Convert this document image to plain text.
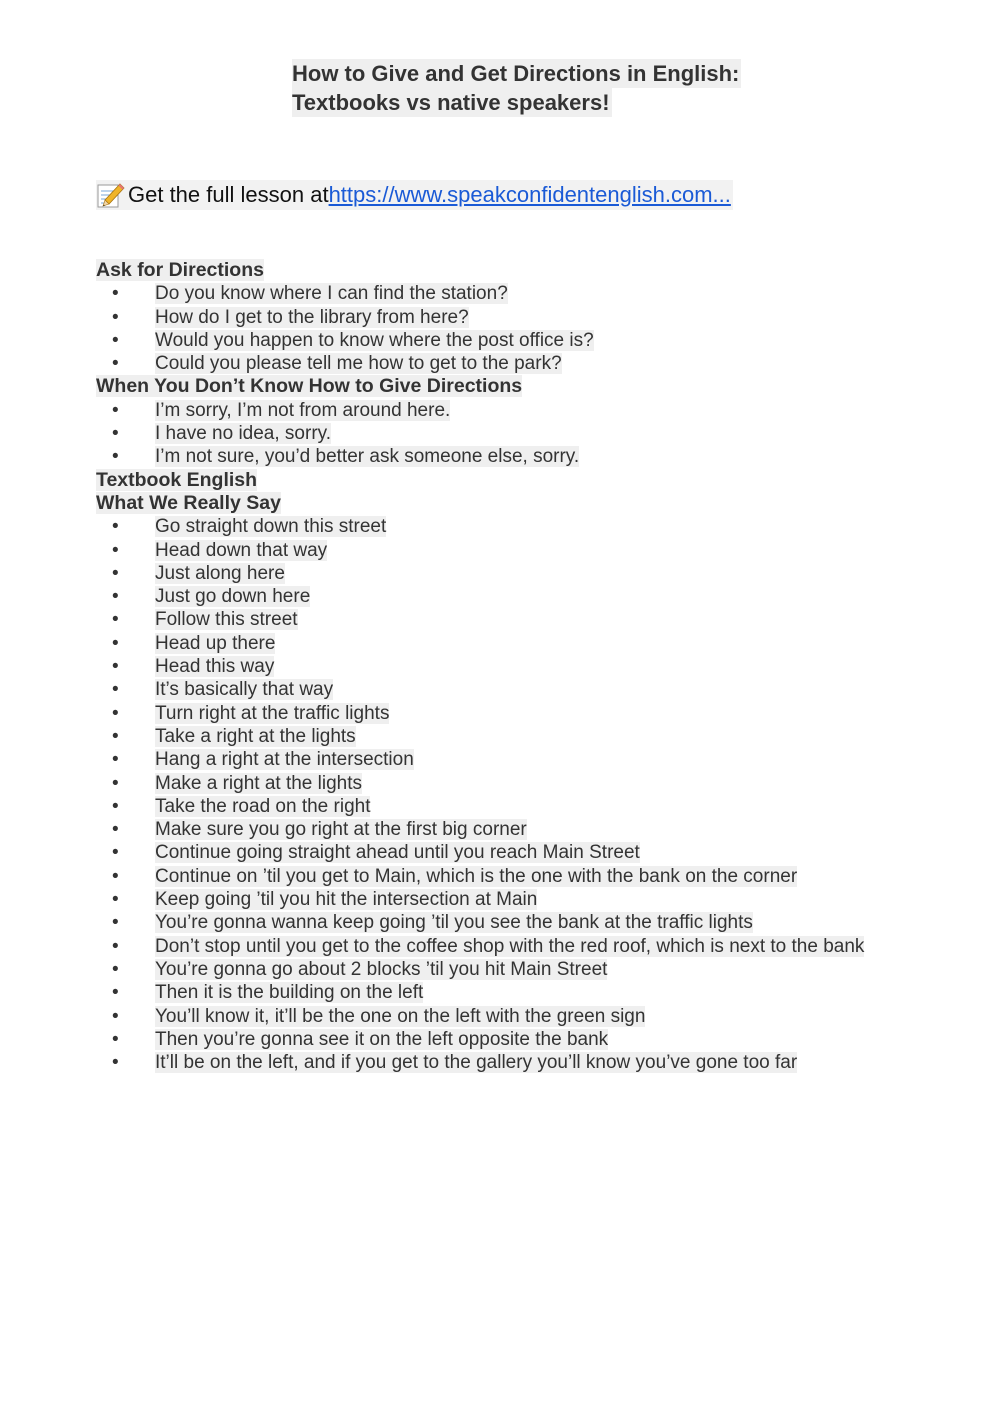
How to Give and Get Directions in English:
Textbooks vs native speakers!
Get the full lesson at https://www.speakconfidentenglish.com...
Ask for Directions
• Do you know where I can find the station?
• How do I get to the library from here?
• Would you happen to know where the post office is?
• Could you please tell me how to get to the park?
When You Don’t Know How to Give Directions
• I’m sorry, I’m not from around here.
• I have no idea, sorry.
• I’m not sure, you’d better ask someone else, sorry.
Textbook English
What We Really Say
• Go straight down this street
• Head down that way
• Just along here
• Just go down here
• Follow this street
• Head up there
• Head this way
• It’s basically that way
• Turn right at the traffic lights
• Take a right at the lights
• Hang a right at the intersection
• Make a right at the lights
• Take the road on the right
• Make sure you go right at the first big corner
• Continue going straight ahead until you reach Main Street
• Continue on ’til you get to Main, which is the one with the bank on the corner
• Keep going ’til you hit the intersection at Main
• You’re gonna wanna keep going ’til you see the bank at the traffic lights
• Don’t stop until you get to the coffee shop with the red roof, which is next to the bank
• You’re gonna go about 2 blocks ’til you hit Main Street
• Then it is the building on the left
• You’ll know it, it’ll be the one on the left with the green sign
• Then you’re gonna see it on the left opposite the bank
• It’ll be on the left, and if you get to the gallery you’ll know you’ve gone too far
